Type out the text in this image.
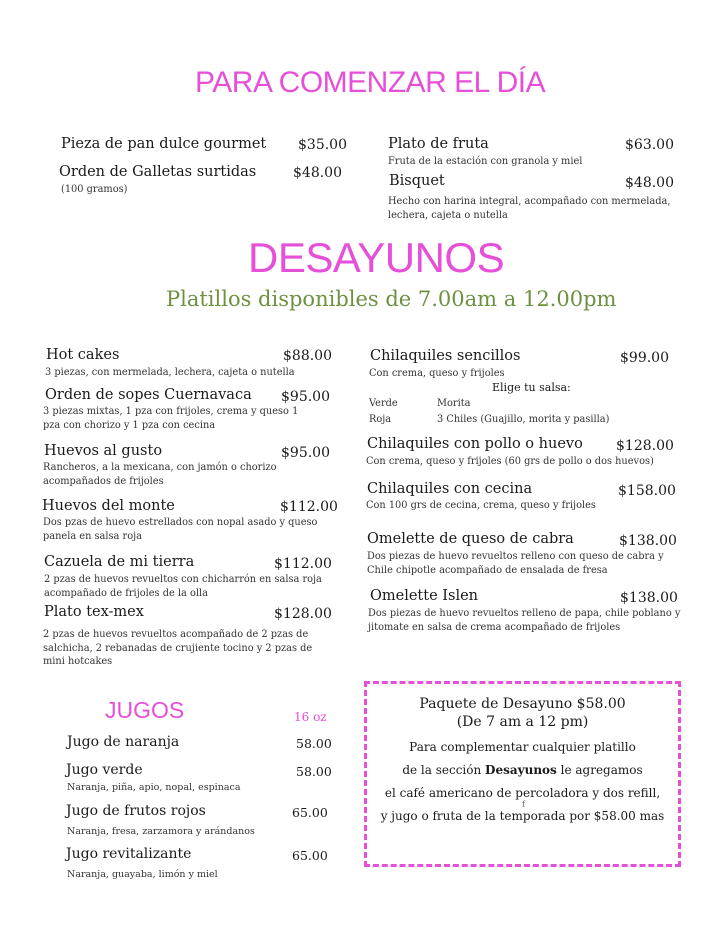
PARA COMENZAR EL DÍA
Pieza de pan dulce gourmet $35.00
Orden de Galletas surtidas	$48.00
(100 gramos)
Plato de fruta	$63.00
Fruta de la estación con granola y miel
Bisquet	$48.00
Hecho con harina integral, acompañado con mermelada, lechera, cajeta o nutella
DESAYUNOS
Platillos disponibles de 7.00am a 12.00pm
Hot cakes	$88.00
3 piezas, con mermelada, lechera, cajeta o nutella
Orden de sopes Cuernavaca $95.00
3 piezas mixtas, 1 pza con frijoles, crema y queso 1 pza con chorizo y 1 pza con cecina
Huevos al gusto	$95.00
Rancheros, a la mexicana, con jamón o chorizo acompañados de frijoles
Huevos del monte	$112.00
Dos pzas de huevo estrellados con nopal asado y queso panela en salsa roja
Cazuela de mi tierra	$112.00
2 pzas de huevos revueltos con chicharrón en salsa roja acompañado de frijoles de la olla
Plato tex-mex	$128.00
2 pzas de huevos revueltos acompañado de 2 pzas de salchicha, 2 rebanadas de crujiente tocino y 2 pzas de mini hotcakes
Chilaquiles sencillos	$99.00
Con crema, queso y frijoles
Elige tu salsa:
Verde	Morita
Roja	3 Chiles (Guajillo, morita y pasilla)
Chilaquiles con pollo o huevo $128.00
Con crema, queso y frijoles (60 grs de pollo o dos huevos)
Chilaquiles con cecina	$158.00
Con 100 grs de cecina, crema, queso y frijoles
Omelette de queso de cabra	$138.00
Dos piezas de huevo revueltos relleno con queso de cabra y Chile chipotle acompañado de ensalada de fresa
Omelette Islen	$138.00
Dos piezas de huevo revueltos relleno de papa, chile poblano y jitomate en salsa de crema acompañado de frijoles
JUGOS	16 oz
Jugo de naranja	58.00
Jugo verde	58.00
Naranja, piña, apio, nopal, espinaca
Jugo de frutos rojos	65.00
Naranja, fresa, zarzamora y arándanos
Jugo revitalizante	65.00
Naranja, guayaba, limón y miel
Paquete de Desayuno $58.00
(De 7 am a 12 pm)
Para complementar cualquier platillo
de la sección Desayunos le agregamos
el café americano de percoladora y dos refill,
f
y jugo o fruta de la temporada por $58.00 mas
